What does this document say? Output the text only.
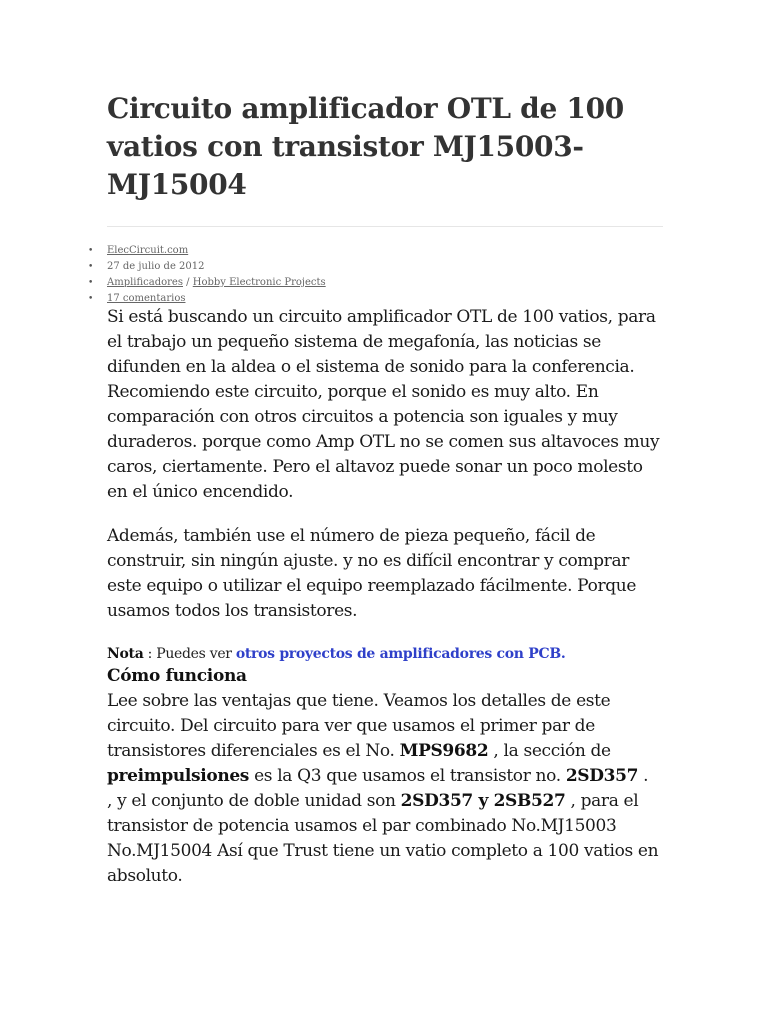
Circuito amplificador OTL de 100 vatios con transistor MJ15003-MJ15004
• ElecCircuit.com
• 27 de julio de 2012
• Amplificadores / Hobby Electronic Projects
• 17 comentarios

Si está buscando un circuito amplificador OTL de 100 vatios, para el trabajo un pequeño sistema de megafonía, las noticias se difunden en la aldea o el sistema de sonido para la conferencia. Recomiendo este circuito, porque el sonido es muy alto. En comparación con otros circuitos a potencia son iguales y muy duraderos. porque como Amp OTL no se comen sus altavoces muy caros, ciertamente. Pero el altavoz puede sonar un poco molesto en el único encendido.

Además, también use el número de pieza pequeño, fácil de construir, sin ningún ajuste. y no es difícil encontrar y comprar este equipo o utilizar el equipo reemplazado fácilmente. Porque usamos todos los transistores.

Nota : Puedes ver otros proyectos de amplificadores con PCB.
Cómo funciona

Lee sobre las ventajas que tiene. Veamos los detalles de este circuito. Del circuito para ver que usamos el primer par de transistores diferenciales es el No. MPS9682 , la sección de preimpulsiones es la Q3 que usamos el transistor no. 2SD357 .
, y el conjunto de doble unidad son 2SD357 y 2SB527 , para el transistor de potencia usamos el par combinado No.MJ15003 No.MJ15004 Así que Trust tiene un vatio completo a 100 vatios en absoluto.
